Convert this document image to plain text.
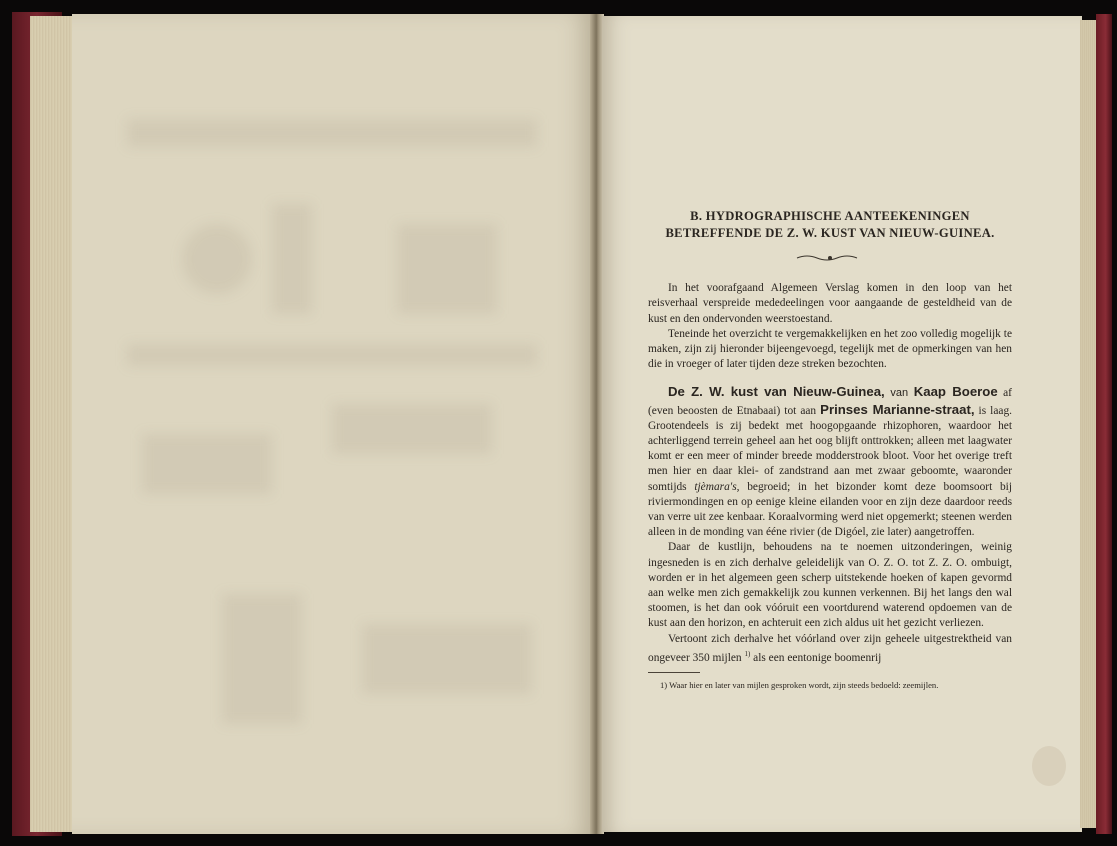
B. HYDROGRAPHISCHE AANTEEKENINGEN
BETREFFENDE DE Z. W. KUST VAN NIEUW-GUINEA.

In het voorafgaand Algemeen Verslag komen in den loop van het reisverhaal verspreide mededeelingen voor aangaande de gesteldheid van de kust en den ondervonden weerstoestand.

Teneinde het overzicht te vergemakkelijken en het zoo volledig mogelijk te maken, zijn zij hieronder bijeengevoegd, tegelijk met de opmerkingen van hen die in vroeger of later tijden deze streken bezochten.

De Z. W. kust van Nieuw-Guinea, van Kaap Boeroe af (even beoosten de Etnabaai) tot aan Prinses Marianne-straat, is laag. Grootendeels is zij bedekt met hoogopgaande rhizophoren, waardoor het achterliggend terrein geheel aan het oog blijft onttrokken; alleen met laagwater komt er een meer of minder breede modderstrook bloot. Voor het overige treft men hier en daar klei- of zandstrand aan met zwaar geboomte, waaronder somtijds tjèmara's, begroeid; in het bizonder komt deze boomsoort bij riviermondingen en op eenige kleine eilanden voor en zijn deze daardoor reeds van verre uit zee kenbaar. Koraalvorming werd niet opgemerkt; steenen werden alleen in de monding van ééne rivier (de Digóel, zie later) aangetroffen.

Daar de kustlijn, behoudens na te noemen uitzonderingen, weinig ingesneden is en zich derhalve geleidelijk van O. Z. O. tot Z. Z. O. ombuigt, worden er in het algemeen geen scherp uitstekende hoeken of kapen gevormd aan welke men zich gemakkelijk zou kunnen verkennen. Bij het langs den wal stoomen, is het dan ook vóóruit een voortdurend waterend opdoemen van de kust aan den horizon, en achteruit een zich aldus uit het gezicht verliezen.

Vertoont zich derhalve het vóórland over zijn geheele uitgestrektheid van ongeveer 350 mijlen $^{1)}$ als een eentonige boomenrij

1) Waar hier en later van mijlen gesproken wordt, zijn steeds bedoeld: zeemijlen.
